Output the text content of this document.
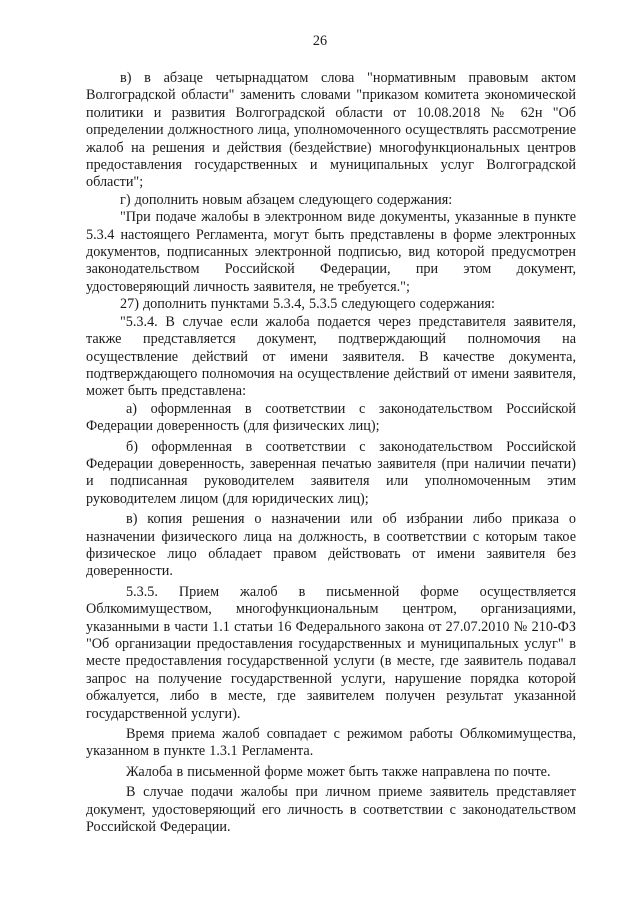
26

в) в абзаце четырнадцатом слова "нормативным правовым актом Волгоградской области" заменить словами "приказом комитета экономической политики и развития Волгоградской области от 10.08.2018 № 62н "Об определении должностного лица, уполномоченного осуществлять рассмотрение жалоб на решения и действия (бездействие) многофункциональных центров предоставления государственных и муниципальных услуг Волгоградской области";

г) дополнить новым абзацем следующего содержания:

"При подаче жалобы в электронном виде документы, указанные в пункте 5.3.4 настоящего Регламента, могут быть представлены в форме электронных документов, подписанных электронной подписью, вид которой предусмотрен законодательством Российской Федерации, при этом документ, удостоверяющий личность заявителя, не требуется.";

27) дополнить пунктами 5.3.4, 5.3.5 следующего содержания:

"5.3.4. В случае если жалоба подается через представителя заявителя, также представляется документ, подтверждающий полномочия на осуществление действий от имени заявителя. В качестве документа, подтверждающего полномочия на осуществление действий от имени заявителя, может быть представлена:

а) оформленная в соответствии с законодательством Российской Федерации доверенность (для физических лиц);

б) оформленная в соответствии с законодательством Российской Федерации доверенность, заверенная печатью заявителя (при наличии печати) и подписанная руководителем заявителя или уполномоченным этим руководителем лицом (для юридических лиц);

в) копия решения о назначении или об избрании либо приказа о назначении физического лица на должность, в соответствии с которым такое физическое лицо обладает правом действовать от имени заявителя без доверенности.

5.3.5. Прием жалоб в письменной форме осуществляется Облкомимуществом, многофункциональным центром, организациями, указанными в части 1.1 статьи 16 Федерального закона от 27.07.2010 № 210-ФЗ "Об организации предоставления государственных и муниципальных услуг" в месте предоставления государственной услуги (в месте, где заявитель подавал запрос на получение государственной услуги, нарушение порядка которой обжалуется, либо в месте, где заявителем получен результат указанной государственной услуги).

Время приема жалоб совпадает с режимом работы Облкомимущества, указанном в пункте 1.3.1 Регламента.

Жалоба в письменной форме может быть также направлена по почте.

В случае подачи жалобы при личном приеме заявитель представляет документ, удостоверяющий его личность в соответствии с законодательством Российской Федерации.
